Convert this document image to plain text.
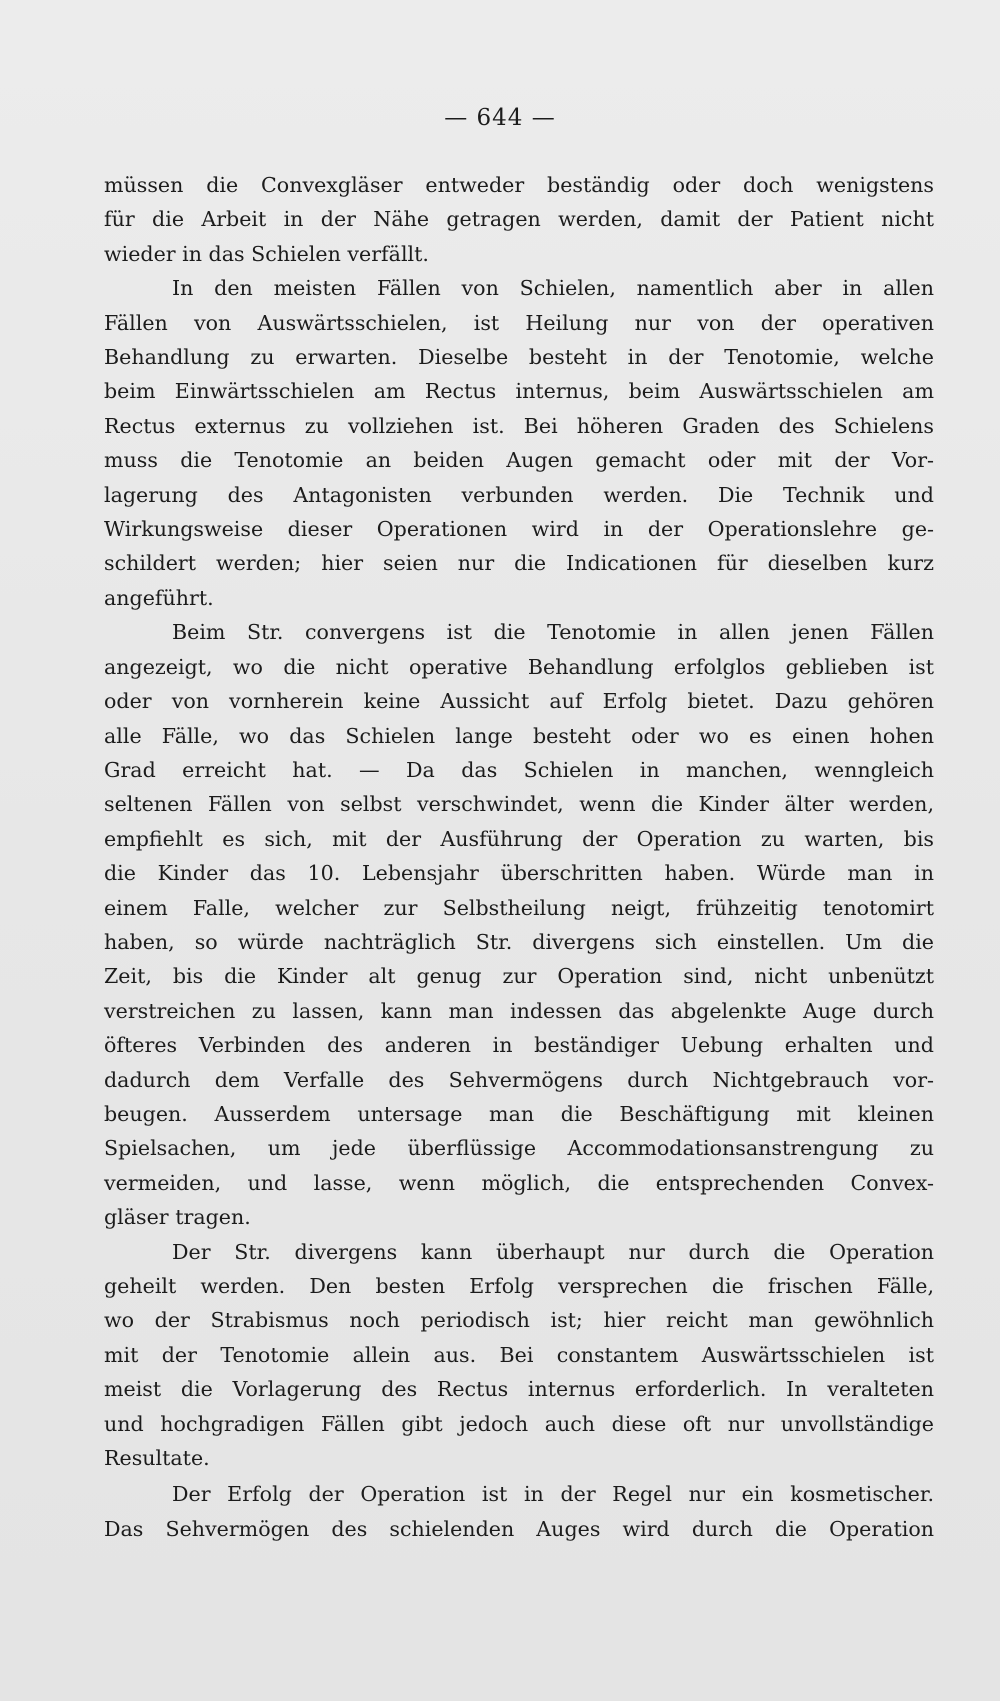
— 644 —

müssen die Convexgläser entweder beständig oder doch wenigstens
für die Arbeit in der Nähe getragen werden, damit der Patient nicht
wieder in das Schielen verfällt.

In den meisten Fällen von Schielen, namentlich aber in allen
Fällen von Auswärtsschielen, ist Heilung nur von der operativen
Behandlung zu erwarten. Dieselbe besteht in der Tenotomie, welche
beim Einwärtsschielen am Rectus internus, beim Auswärtsschielen am
Rectus externus zu vollziehen ist. Bei höheren Graden des Schielens
muss die Tenotomie an beiden Augen gemacht oder mit der Vor-
lagerung des Antagonisten verbunden werden. Die Technik und
Wirkungsweise dieser Operationen wird in der Operationslehre ge-
schildert werden; hier seien nur die Indicationen für dieselben kurz
angeführt.

Beim Str. convergens ist die Tenotomie in allen jenen Fällen
angezeigt, wo die nicht operative Behandlung erfolglos geblieben ist
oder von vornherein keine Aussicht auf Erfolg bietet. Dazu gehören
alle Fälle, wo das Schielen lange besteht oder wo es einen hohen
Grad erreicht hat. — Da das Schielen in manchen, wenngleich
seltenen Fällen von selbst verschwindet, wenn die Kinder älter werden,
empfiehlt es sich, mit der Ausführung der Operation zu warten, bis
die Kinder das 10. Lebensjahr überschritten haben. Würde man in
einem Falle, welcher zur Selbstheilung neigt, frühzeitig tenotomirt
haben, so würde nachträglich Str. divergens sich einstellen. Um die
Zeit, bis die Kinder alt genug zur Operation sind, nicht unbenützt
verstreichen zu lassen, kann man indessen das abgelenkte Auge durch
öfteres Verbinden des anderen in beständiger Uebung erhalten und
dadurch dem Verfalle des Sehvermögens durch Nichtgebrauch vor-
beugen. Ausserdem untersage man die Beschäftigung mit kleinen
Spielsachen, um jede überflüssige Accommodationsanstrengung zu
vermeiden, und lasse, wenn möglich, die entsprechenden Convex-
gläser tragen.

Der Str. divergens kann überhaupt nur durch die Operation
geheilt werden. Den besten Erfolg versprechen die frischen Fälle,
wo der Strabismus noch periodisch ist; hier reicht man gewöhnlich
mit der Tenotomie allein aus. Bei constantem Auswärtsschielen ist
meist die Vorlagerung des Rectus internus erforderlich. In veralteten
und hochgradigen Fällen gibt jedoch auch diese oft nur unvollständige
Resultate.

Der Erfolg der Operation ist in der Regel nur ein kosmetischer.
Das Sehvermögen des schielenden Auges wird durch die Operation
